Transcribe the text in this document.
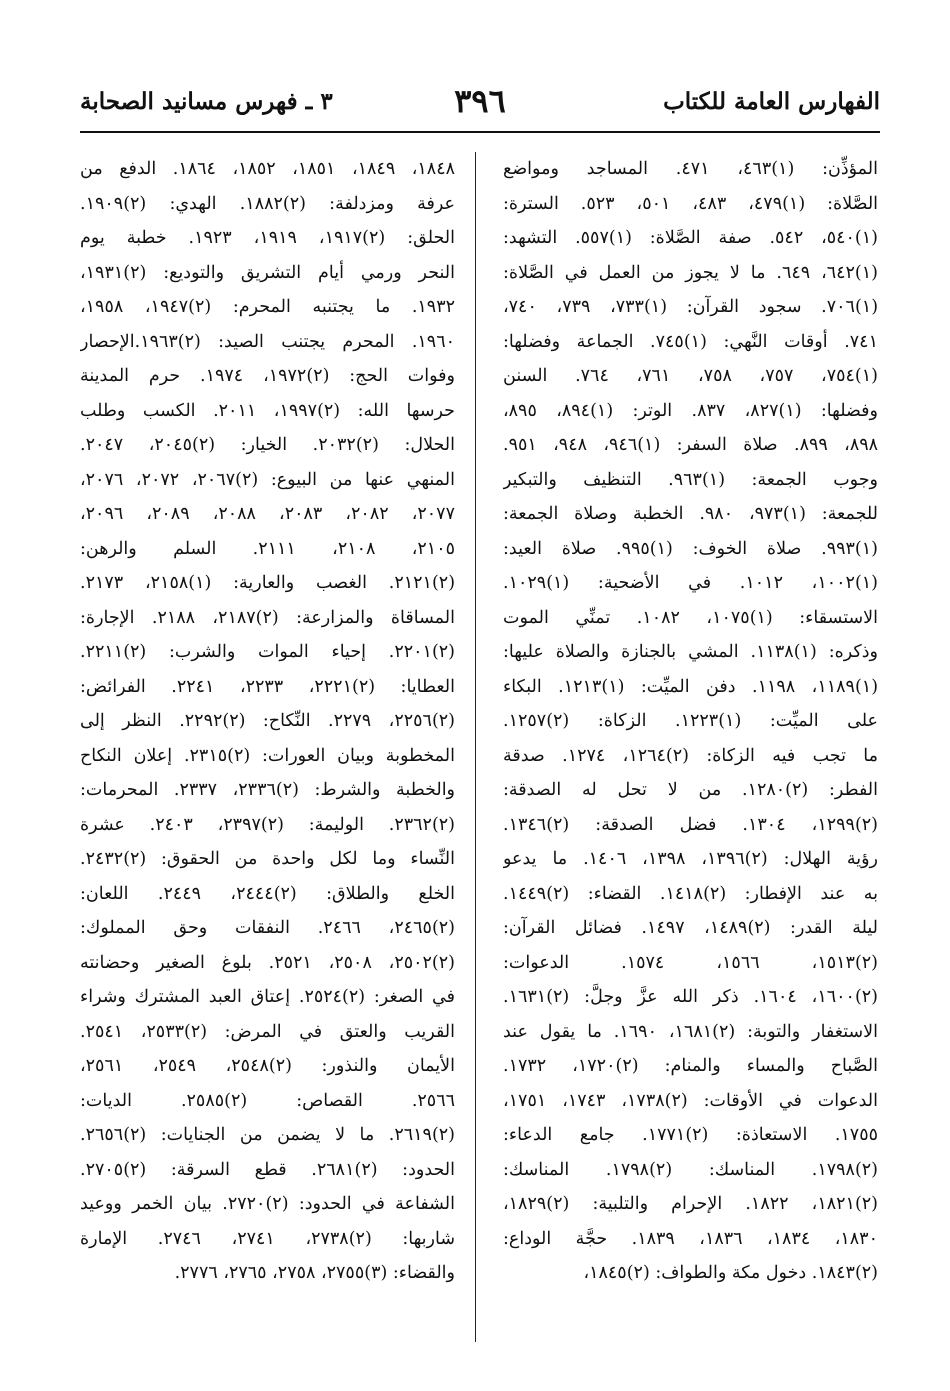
الفهارس العامة للكتاب
٣٩٦
٣ ـ فهرس مسانيد الصحابة
المؤذِّن: (١)٤٦٣، ٤٧١. المساجد ومواضع
الصَّلاة: (١)٤٧٩، ٤٨٣، ٥٠١، ٥٢٣. السترة:
(١)٥٤٠، ٥٤٢. صفة الصَّلاة: (١)٥٥٧. التشهد:
(١)٦٤٢، ٦٤٩. ما لا يجوز من العمل في الصَّلاة:
(١)٧٠٦. سجود القرآن: (١)٧٣٣، ٧٣٩، ٧٤٠،
٧٤١. أوقات النَّهي: (١)٧٤٥. الجماعة وفضلها:
(١)٧٥٤، ٧٥٧، ٧٥٨، ٧٦١، ٧٦٤. السنن
وفضلها: (١)٨٢٧، ٨٣٧. الوتر: (١)٨٩٤، ٨٩٥،
٨٩٨، ٨٩٩. صلاة السفر: (١)٩٤٦، ٩٤٨، ٩٥١.
وجوب الجمعة: (١)٩٦٣. التنظيف والتبكير
للجمعة: (١)٩٧٣، ٩٨٠. الخطبة وصلاة الجمعة:
(١)٩٩٣. صلاة الخوف: (١)٩٩٥. صلاة العيد:
(١)١٠٠٢، ١٠١٢. في الأضحية: (١)١٠٢٩.
الاستسقاء: (١)١٠٧٥، ١٠٨٢. تمنِّي الموت
وذكره: (١)١١٣٨. المشي بالجنازة والصلاة عليها:
(١)١١٨٩، ١١٩٨. دفن الميِّت: (١)١٢١٣. البكاء
على الميِّت: (١)١٢٢٣. الزكاة: (٢)١٢٥٧.
ما تجب فيه الزكاة: (٢)١٢٦٤، ١٢٧٤. صدقة
الفطر: (٢)١٢٨٠. من لا تحل له الصدقة:
(٢)١٢٩٩، ١٣٠٤. فضل الصدقة: (٢)١٣٤٦.
رؤية الهلال: (٢)١٣٩٦، ١٣٩٨، ١٤٠٦. ما يدعو
به عند الإفطار: (٢)١٤١٨. القضاء: (٢)١٤٤٩.
ليلة القدر: (٢)١٤٨٩، ١٤٩٧. فضائل القرآن:
(٢)١٥١٣، ١٥٦٦، ١٥٧٤. الدعوات:
(٢)١٦٠٠، ١٦٠٤. ذكر الله عزَّ وجلَّ: (٢)١٦٣١.
الاستغفار والتوبة: (٢)١٦٨١، ١٦٩٠. ما يقول عند
الصَّباح والمساء والمنام: (٢)١٧٢٠، ١٧٣٢.
الدعوات في الأوقات: (٢)١٧٣٨، ١٧٤٣، ١٧٥١،
١٧٥٥. الاستعاذة: (٢)١٧٧١. جامع الدعاء:
(٢)١٧٩٨. المناسك: (٢)١٧٩٨. المناسك:
(٢)١٨٢١، ١٨٢٢. الإحرام والتلبية: (٢)١٨٢٩،
١٨٣٠، ١٨٣٤، ١٨٣٦، ١٨٣٩. حجَّة الوداع:
(٢)١٨٤٣. دخول مكة والطواف: (٢)١٨٤٥،
١٨٤٨، ١٨٤٩، ١٨٥١، ١٨٥٢، ١٨٦٤. الدفع من
عرفة ومزدلفة: (٢)١٨٨٢. الهدي: (٢)١٩٠٩.
الحلق: (٢)١٩١٧، ١٩١٩، ١٩٢٣. خطبة يوم
النحر ورمي أيام التشريق والتوديع: (٢)١٩٣١،
١٩٣٢. ما يجتنبه المحرم: (٢)١٩٤٧، ١٩٥٨،
١٩٦٠. المحرم يجتنب الصيد: (٢)١٩٦٣.الإحصار
وفوات الحج: (٢)١٩٧٢، ١٩٧٤. حرم المدينة
حرسها الله: (٢)١٩٩٧، ٢٠١١. الكسب وطلب
الحلال: (٢)٢٠٣٢. الخيار: (٢)٢٠٤٥، ٢٠٤٧.
المنهي عنها من البيوع: (٢)٢٠٦٧، ٢٠٧٢، ٢٠٧٦،
٢٠٧٧، ٢٠٨٢، ٢٠٨٣، ٢٠٨٨، ٢٠٨٩، ٢٠٩٦،
٢١٠٥، ٢١٠٨، ٢١١١. السلم والرهن:
(٢)٢١٢١. الغصب والعارية: (١)٢١٥٨، ٢١٧٣.
المساقاة والمزارعة: (٢)٢١٨٧، ٢١٨٨. الإجارة:
(٢)٢٢٠١. إحياء الموات والشرب: (٢)٢٢١١.
العطايا: (٢)٢٢٢١، ٢٢٣٣، ٢٢٤١. الفرائض:
(٢)٢٢٥٦، ٢٢٧٩. النِّكاح: (٢)٢٢٩٢. النظر إلى
المخطوبة وبيان العورات: (٢)٢٣١٥. إعلان النكاح
والخطبة والشرط: (٢)٢٣٣٦، ٢٣٣٧. المحرمات:
(٢)٢٣٦٢. الوليمة: (٢)٢٣٩٧، ٢٤٠٣. عشرة
النِّساء وما لكل واحدة من الحقوق: (٢)٢٤٣٢.
الخلع والطلاق: (٢)٢٤٤٤، ٢٤٤٩. اللعان:
(٢)٢٤٦٥، ٢٤٦٦. النفقات وحق المملوك:
(٢)٢٥٠٢، ٢٥٠٨، ٢٥٢١. بلوغ الصغير وحضانته
في الصغر: (٢)٢٥٢٤. إعتاق العبد المشترك وشراء
القريب والعتق في المرض: (٢)٢٥٣٣، ٢٥٤١.
الأيمان والنذور: (٢)٢٥٤٨، ٢٥٤٩، ٢٥٦١،
٢٥٦٦. القصاص: (٢)٢٥٨٥. الديات:
(٢)٢٦١٩. ما لا يضمن من الجنايات: (٢)٢٦٥٦.
الحدود: (٢)٢٦٨١. قطع السرقة: (٢)٢٧٠٥.
الشفاعة في الحدود: (٢)٢٧٢٠. بيان الخمر ووعيد
شاربها: (٢)٢٧٣٨، ٢٧٤١، ٢٧٤٦. الإمارة
والقضاء: (٣)٢٧٥٥، ٢٧٥٨، ٢٧٦٥، ٢٧٧٦.
